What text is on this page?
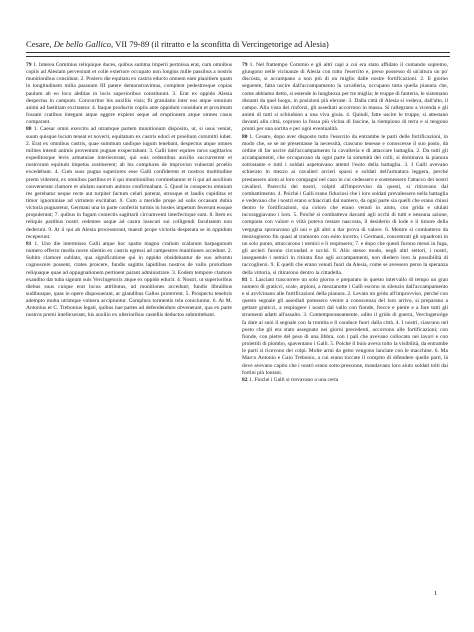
Cesare, De bello Gallico, VII 79-89 (il ritratto e la sconfitta di Vercingetorige ad Alesia)

79 1. Interea Commius reliquique duces, quibus summa imperii permissa erat, cum omnibus copiis ad Alesiam perveniunt et colle exteriore occupato non longius mille passibus a nostris munitionibus considunt. 2. Postero die equitatu ex castris educto omnem eam planitiem quam in longitudinem milia passuum III patere demonstravimus, complent pedestresque copias paulum ab eo loco abditas in locis superioribus constituunt. 3. Erat ex oppido Alesia despectus in campum. Concurritur his auxiliis visis; fit gratulatio inter eos atque omnium animi ad laetitiam excitantur. 4. Itaque productis copiis ante oppidum considunt et proximam fossam cratibus integunt atque aggere explent seque ad eruptionem atque omnes casus comparant.

80 1. Caesar omni exercitu ad utramque partem munitionum disposito, ut, si usus veniat, suum quisque locum teneat et noverit, equitatum ex castris educi et proelium committi iubet. 2. Erat ex omnibus castris, quae summum undique iugum tenebant, despectus atque omnes milites intenti animis proventum pugnae exspectabant. 3. Galli inter equites raros sagittarios expeditosque levis armaturae interiecerant, qui suis cedentibus auxilio succurrerent et nostrorum equitum impetus sustinerent; ab his complures de improviso vulnerati proelio excedebant. 4. Cum suos pugna superiores esse Galli confiderent et nostros multitudine premi viderent, ex omnibus partibus et ii qui munitionibus continebantur et ii qui ad auxilium convenerant clamore et ululatu suorum animos confirmabant. 5. Quod in conspectu omnium res gerebatur neque recte aut turpiter factum celari poterat, utrosque et laudis cupiditas et timor ignominiae ad virtutem excitabat. 6. Cum a meridie prope ad solis occasum dubia victoria pugnaretur, Germani una in parte confertis turmis in hostes impetum fecerunt eosque propulerunt; 7. quibus in fugam coniectis sagittarii circumventi interfectique sunt. 8. Item ex reliquis partibus nostri cedentes usque ad castra insecuti sui colligendi facultatem non dederunt. 9. At ii qui ab Alesia processerant, maesti prope victoria desperata se in oppidum receperunt.

81 1. Uno die intermisso Galli atque hoc spatio magno cratium scalarum harpagonum numero effecto media nocte silentio ex castris egressi ad campestres munitiones accedunt. 2. Subito clamore sublato, qua significatione qui in oppido obsidebantur de suo adventu cognoscere possent, crates proicere, fundis sagittis lapidibus nostros de vallo proturbare reliquaque quae ad oppugnationem pertinent parant administrare. 3. Eodem tempore clamore exaudito dat tuba signum suis Vercingetorix atque ex oppido educit. 4. Nostri, ut superioribus diebus suus cuique erat locus attributus, ad munitiones accedunt; fundis libralibus sudibusque, quas in opere disposuerant, ac glandibus Gallos proterrent. 5. Prospectu tenebris adempto multa utrimque vulnera accipiuntur. Complura tormentis tela coniciuntur. 6. At M. Antonius et C. Trebonius legati, quibus hae partes ad defendendum obvenerant, qua ex parte nostros premi intellexerant, his auxilio ex ulterioribus castellis deductos submittebant.

79 1. Nel frattempo Commio e gli altri capi a cui era stato affidato il comando supremo, giungono nelle vicinanze di Alesia con tutto l'esercito e, preso possesso di un'altura un po' discosta, si accampano a non più di un miglio dalle nostre fortificazioni. 2. Il giorno seguente, fatta uscire dall'accampamento la cavalleria, occupano tutta quella pianura che, come abbiamo detto, si estende in lunghezza per tre miglia; le truppe di fanteria, le sistemano distanti da quel luogo, in posizioni più elevate. 3. Dalla città di Alesia si vedeva, dall'alto, il campo. Alla vista dei rinforzi, gli assediati accorrono in massa. Si rallegrano a vicenda e gli animi di tutti si schiudono a una viva gioia. 4. Quindi, fatte uscire le truppe, si attestano davanti alla città, coprono la fossa più vicina di fascine, la riempiono di terra e si tengono pronti per una sortita e per ogni eventualità.

80 1. Cesare, dopo aver disposto tutto l'esercito da entrambe le parti delle fortificazioni, in modo che, se se ne presentasse la necessità, ciascuno tenesse e conoscesse il suo posto, dà ordine di far uscire dall'accampamento la cavalleria e di attaccare battaglia. 2. Da tutti gli accampamenti, che occupavano da ogni parte la sommità dei colli, si dominava la pianura sottostante e tutti i soldati aspettavano attenti l'esito della battaglia. 3. I Galli avevano schierato in mezzo ai cavalieri arcieri sparsi e soldati dell'armatura leggera, perché prestassero aiuto ai loro compagni nel caso in cui cedessero e sostenessero l'attacco dei nostri cavalieri. Parecchi dei nostri, colpiti all'improvviso da questi, si ritiravano dal combattimento. 4. Poiché i Galli erano fiduciosi che i loro soldati prevalessero nella battaglia e vedevano che i nostri erano schiacciati dal numero, da ogni parte sia quelli che erano chiusi dentro le fortificazioni, sia coloro che erano venuti in aiuto, con grida e ululati incoraggiavano i loro. 5. Poiché si combatteva davanti agli occhi di tutti e nessuna azione, compiuta con valore o viltà poteva restare nascosta, il desiderio di lode e il timore della vergogna spronavano gli uni e gli altri a dar prova di valore. 6. Mentre si combatteva da mezzogiorno fin quasi al tramonto con esito incerto, i Germani, concentrati gli squadroni in un solo punto, attaccarono i nemici e li respinsero; 7. e dopo che questi furono messi in fuga, gli arcieri furono circondati e uccisi. 8. Allo stesso modo, negli altri settori, i nostri, inseguendo i nemici in ritirata fino agli accampamenti, non diedero loro la possibilità di raccogliersi. 9. E quelli che erano venuti fuori da Alesia, come se avessero perso la speranza della vittoria, si ritirarono dentro la cittadella.

81 1. Lasciato trascorrere un solo giorno e preparato in questo intervallo di tempo un gran numero di graticci, scale, arpioni, a mezzanotte i Galli escono in silenzio dall'accampamento e si avvicinano alle fortificazioni della pianura. 2. Levato un grido all'improvviso, perché con questo segnale gli assediati potessero venire a conoscenza del loro arrivo, si preparano a gettare graticci, a respingere i nostri dal vallo con fionde, frecce e pietre e a fare tutti gli strumenti adatti all'assalto. 3. Contemporaneamente, udito il grido di guerra, Vercingetorige fa dare ai suoi il segnale con la tromba e li conduce fuori dalla città. 4. I nostri, ciascuno nel posto che gli era stato assegnato nei giorni precedenti, accorrono alle fortificazioni; con fionde, con pietre del peso di una libbra, con i pali che avevano collocato nei lavori e con proiettili di piombo, spaventano i Galli. 5. Poiché il buio aveva tolto la visibilità, da entrambe le parti si ricevono dei colpi. Molte armi da getto vengono lanciate con le macchine. 6. Ma Marco Antonio e Gaio Trebonio, a cui erano toccate il compito di difendere quelle parti, là dove avevano capito che i nostri erano sotto pressione, mandavano loro aiuto soldati tolti dai fortini più lontani.

82 1. Finché i Galli si trovavano a una certa

1
